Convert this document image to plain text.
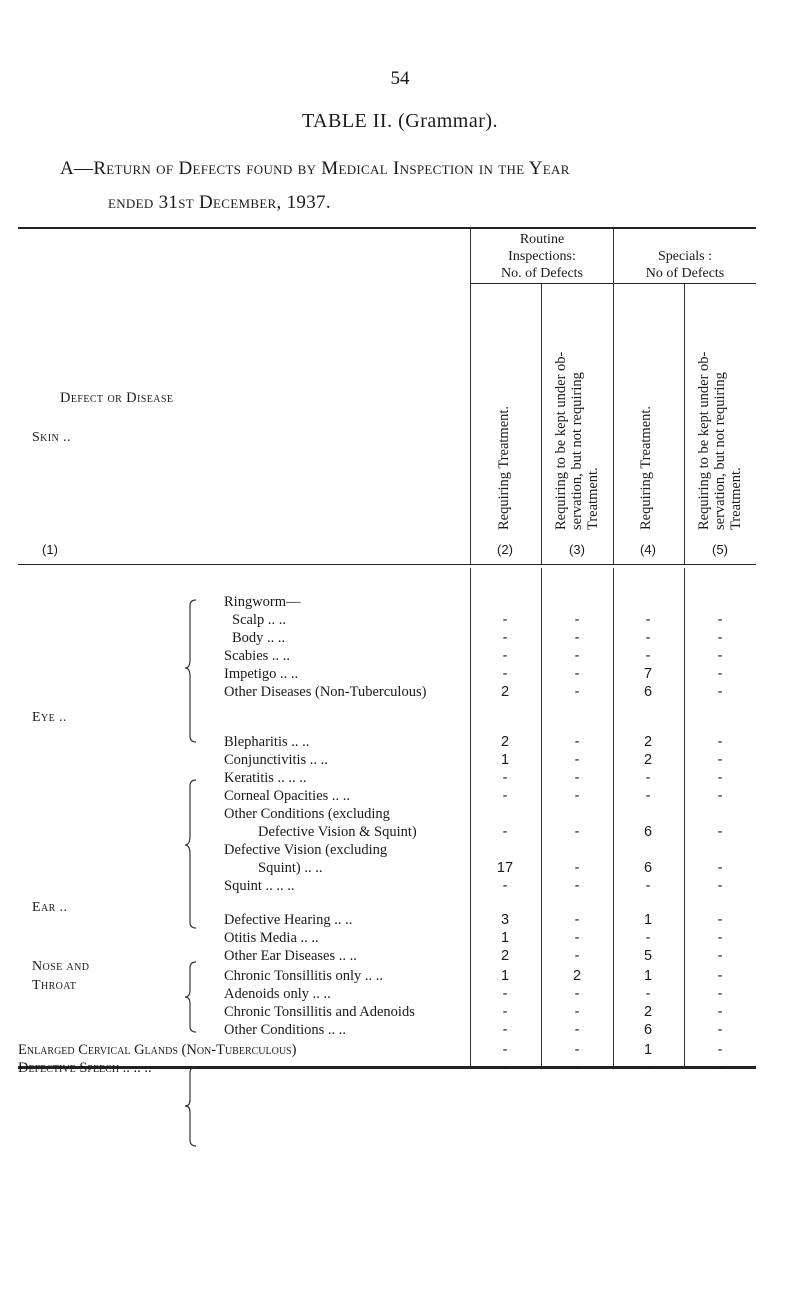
54
TABLE II. (Grammar).
A—Return of Defects found by Medical Inspection in the Year
ended 31st December, 1937.
Routine
Inspections:
No. of Defects
Specials :
No of Defects
Defect or Disease
Requiring Treatment.	Requiring to be kept under ob- servation, but not requiring Treatment.	Requiring Treatment.	Requiring to be kept under ob- servation, but not requiring Treatment.
(1)	(2)	(3)	(4)	(5)
Skin ..
Eye ..
Ear ..
Nose and Throat
Ringworm—
Scalp .. ..	-	-	-	-
Body .. ..	-	-	-	-
Scabies .. ..	-	-	-	-
Impetigo .. ..	-	-	7	-
Other Diseases (Non-Tuberculous)	2	-	6	-
Blepharitis .. ..	2	-	2	-
Conjunctivitis .. ..	1	-	2	-
Keratitis .. .. ..	-	-	-	-
Corneal Opacities .. ..	-	-	-	-
Other Conditions (excluding
Defective Vision & Squint)	-	-	6	-
Defective Vision (excluding
Squint) .. ..	17	-	6	-
Squint .. .. ..	-	-	-	-
Defective Hearing .. ..	3	-	1	-
Otitis Media .. ..	1	-	-	-
Other Ear Diseases .. ..	2	-	5	-
Chronic Tonsillitis only .. ..	1	2	1	-
Adenoids only .. ..	-	-	-	-
Chronic Tonsillitis and Adenoids	-	-	2	-
Other Conditions .. ..	-	-	6	-
Enlarged Cervical Glands (Non-Tuberculous)	-	-	1	-
Defective Speech .. .. ..	-	-	-	-
